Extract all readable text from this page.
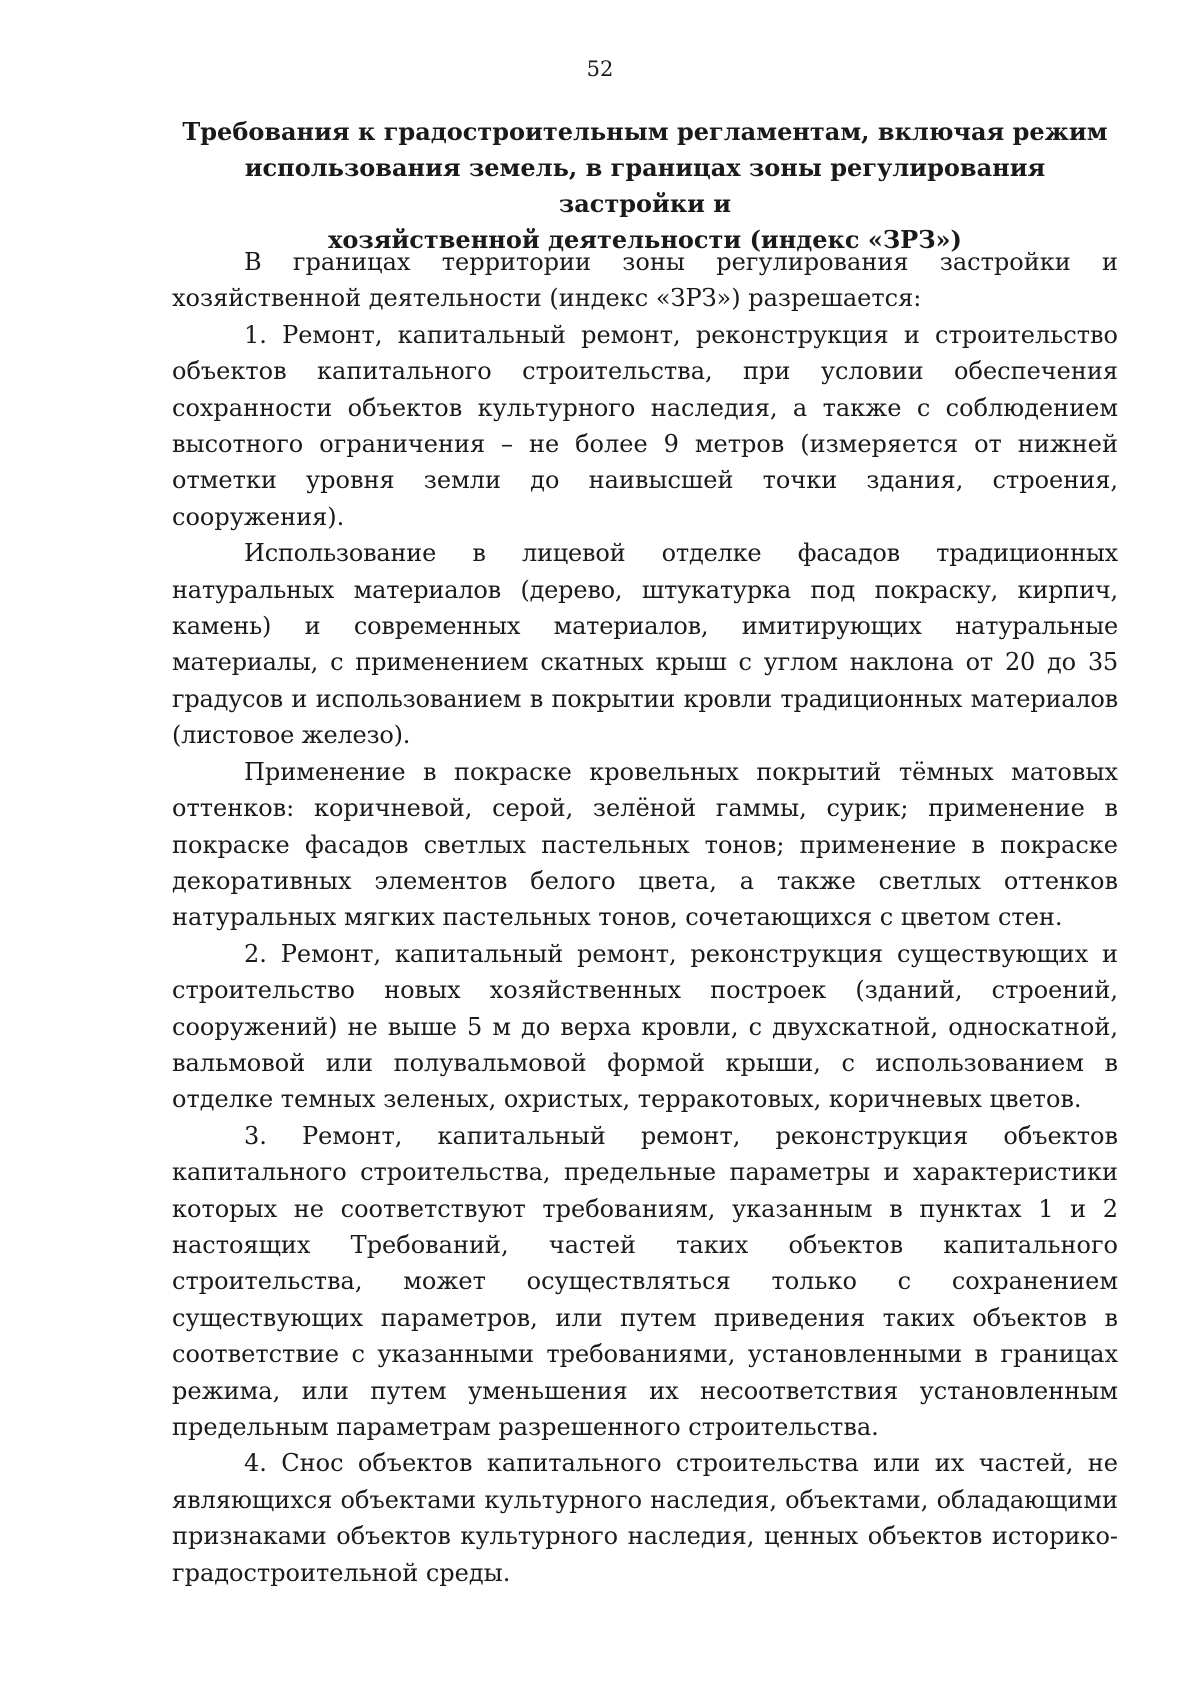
52
Требования к градостроительным регламентам, включая режим
использования земель, в границах зоны регулирования застройки и
хозяйственной деятельности (индекс «ЗРЗ»)

В границах территории зоны регулирования застройки и хозяйственной деятельности (индекс «ЗРЗ») разрешается:

1. Ремонт, капитальный ремонт, реконструкция и строительство объектов капитального строительства, при условии обеспечения сохранности объектов культурного наследия, а также с соблюдением высотного ограничения – не более 9 метров (измеряется от нижней отметки уровня земли до наивысшей точки здания, строения, сооружения).

Использование в лицевой отделке фасадов традиционных натуральных материалов (дерево, штукатурка под покраску, кирпич, камень) и современных материалов, имитирующих натуральные материалы, с применением скатных крыш с углом наклона от 20 до 35 градусов и использованием в покрытии кровли традиционных материалов (листовое железо).

Применение в покраске кровельных покрытий тёмных матовых оттенков: коричневой, серой, зелёной гаммы, сурик; применение в покраске фасадов светлых пастельных тонов; применение в покраске декоративных элементов белого цвета, а также светлых оттенков натуральных мягких пастельных тонов, сочетающихся с цветом стен.

2. Ремонт, капитальный ремонт, реконструкция существующих и строительство новых хозяйственных построек (зданий, строений, сооружений) не выше 5 м до верха кровли, с двухскатной, односкатной, вальмовой или полувальмовой формой крыши, с использованием в отделке темных зеленых, охристых, терракотовых, коричневых цветов.

3. Ремонт, капитальный ремонт, реконструкция объектов капитального строительства, предельные параметры и характеристики которых не соответствуют требованиям, указанным в пунктах 1 и 2 настоящих Требований, частей таких объектов капитального строительства, может осуществляться только с сохранением существующих параметров, или путем приведения таких объектов в соответствие с указанными требованиями, установленными в границах режима, или путем уменьшения их несоответствия установленным предельным параметрам разрешенного строительства.

4. Снос объектов капитального строительства или их частей, не являющихся объектами культурного наследия, объектами, обладающими признаками объектов культурного наследия, ценных объектов историко-градостроительной среды.
